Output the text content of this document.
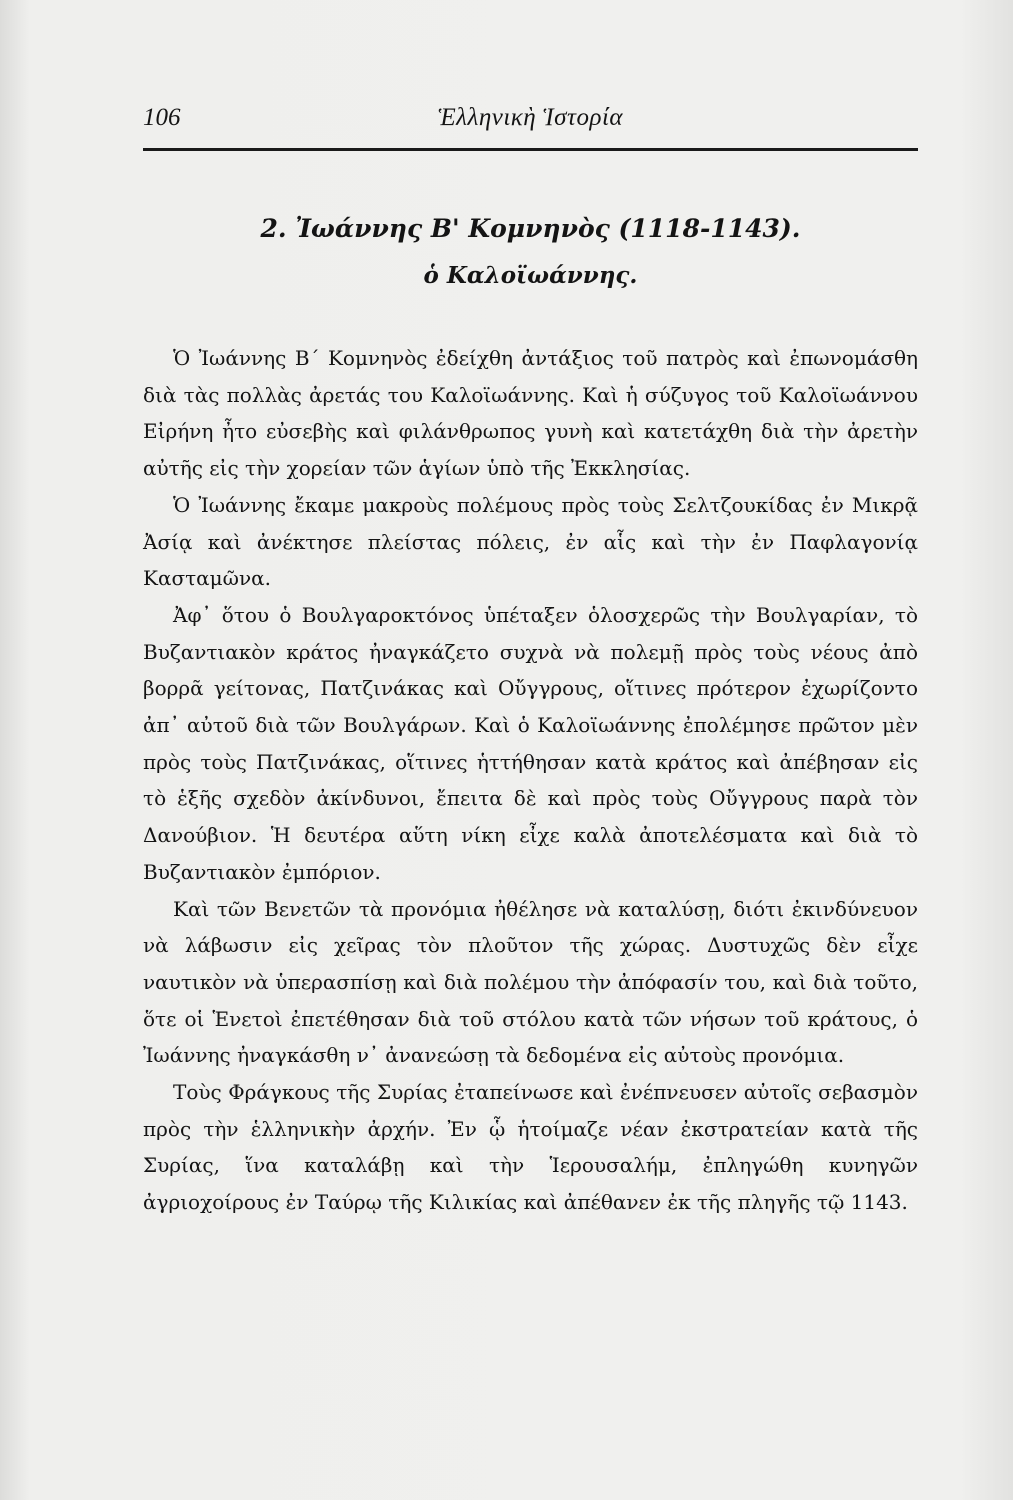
106	Ἑλληνικὴ Ἱστορία
2. Ἰωάννης Β' Κομνηνὸς (1118-1143).
ὁ Καλοϊωάννης.

Ὁ Ἰωάννης Β΄ Κομνηνὸς ἐδείχθη ἀντάξιος τοῦ πατρὸς καὶ ἐπωνομάσθη διὰ τὰς πολλὰς ἀρετάς του Καλοϊωάννης. Καὶ ἡ σύζυγος τοῦ Καλοϊωάννου Εἰρήνη ἦτο εὐσεβὴς καὶ φιλάνθρωπος γυνὴ καὶ κατετάχθη διὰ τὴν ἀρετὴν αὐτῆς εἰς τὴν χορείαν τῶν ἁγίων ὑπὸ τῆς Ἐκκλησίας.

Ὁ Ἰωάννης ἔκαμε μακροὺς πολέμους πρὸς τοὺς Σελτζουκίδας ἐν Μικρᾷ Ἀσίᾳ καὶ ἀνέκτησε πλείστας πόλεις, ἐν αἷς καὶ τὴν ἐν Παφλαγονίᾳ Κασταμῶνα.

Ἀφ᾿ ὅτου ὁ Βουλγαροκτόνος ὑπέταξεν ὁλοσχερῶς τὴν Βουλγαρίαν, τὸ Βυζαντιακὸν κράτος ἠναγκάζετο συχνὰ νὰ πολεμῇ πρὸς τοὺς νέους ἀπὸ βορρᾶ γείτονας, Πατζινάκας καὶ Οὔγγρους, οἵτινες πρότερον ἐχωρίζοντο ἀπ᾿ αὐτοῦ διὰ τῶν Βουλγάρων. Καὶ ὁ Καλοϊωάννης ἐπολέμησε πρῶτον μὲν πρὸς τοὺς Πατζινάκας, οἵτινες ἡττήθησαν κατὰ κράτος καὶ ἀπέβησαν εἰς τὸ ἑξῆς σχεδὸν ἀκίνδυνοι, ἔπειτα δὲ καὶ πρὸς τοὺς Οὔγγρους παρὰ τὸν Δανούβιον. Ἡ δευτέρα αὕτη νίκη εἶχε καλὰ ἀποτελέσματα καὶ διὰ τὸ Βυζαντιακὸν ἐμπόριον.

Καὶ τῶν Βενετῶν τὰ προνόμια ἠθέλησε νὰ καταλύσῃ, διότι ἐκινδύνευον νὰ λάβωσιν εἰς χεῖρας τὸν πλοῦτον τῆς χώρας. Δυστυχῶς δὲν εἶχε ναυτικὸν νὰ ὑπερασπίσῃ καὶ διὰ πολέμου τὴν ἀπόφασίν του, καὶ διὰ τοῦτο, ὅτε οἱ Ἑνετοὶ ἐπετέθησαν διὰ τοῦ στόλου κατὰ τῶν νήσων τοῦ κράτους, ὁ Ἰωάννης ἠναγκάσθη ν᾿ ἀνανεώσῃ τὰ δεδομένα εἰς αὐτοὺς προνόμια.

Τοὺς Φράγκους τῆς Συρίας ἐταπείνωσε καὶ ἐνέπνευσεν αὐτοῖς σεβασμὸν πρὸς τὴν ἑλληνικὴν ἀρχήν. Ἐν ᾧ ἡτοίμαζε νέαν ἐκστρατείαν κατὰ τῆς Συρίας, ἵνα καταλάβῃ καὶ τὴν Ἱερουσαλήμ, ἐπληγώθη κυνηγῶν ἀγριοχοίρους ἐν Ταύρῳ τῆς Κιλικίας καὶ ἀπέθανεν ἐκ τῆς πληγῆς τῷ 1143.
